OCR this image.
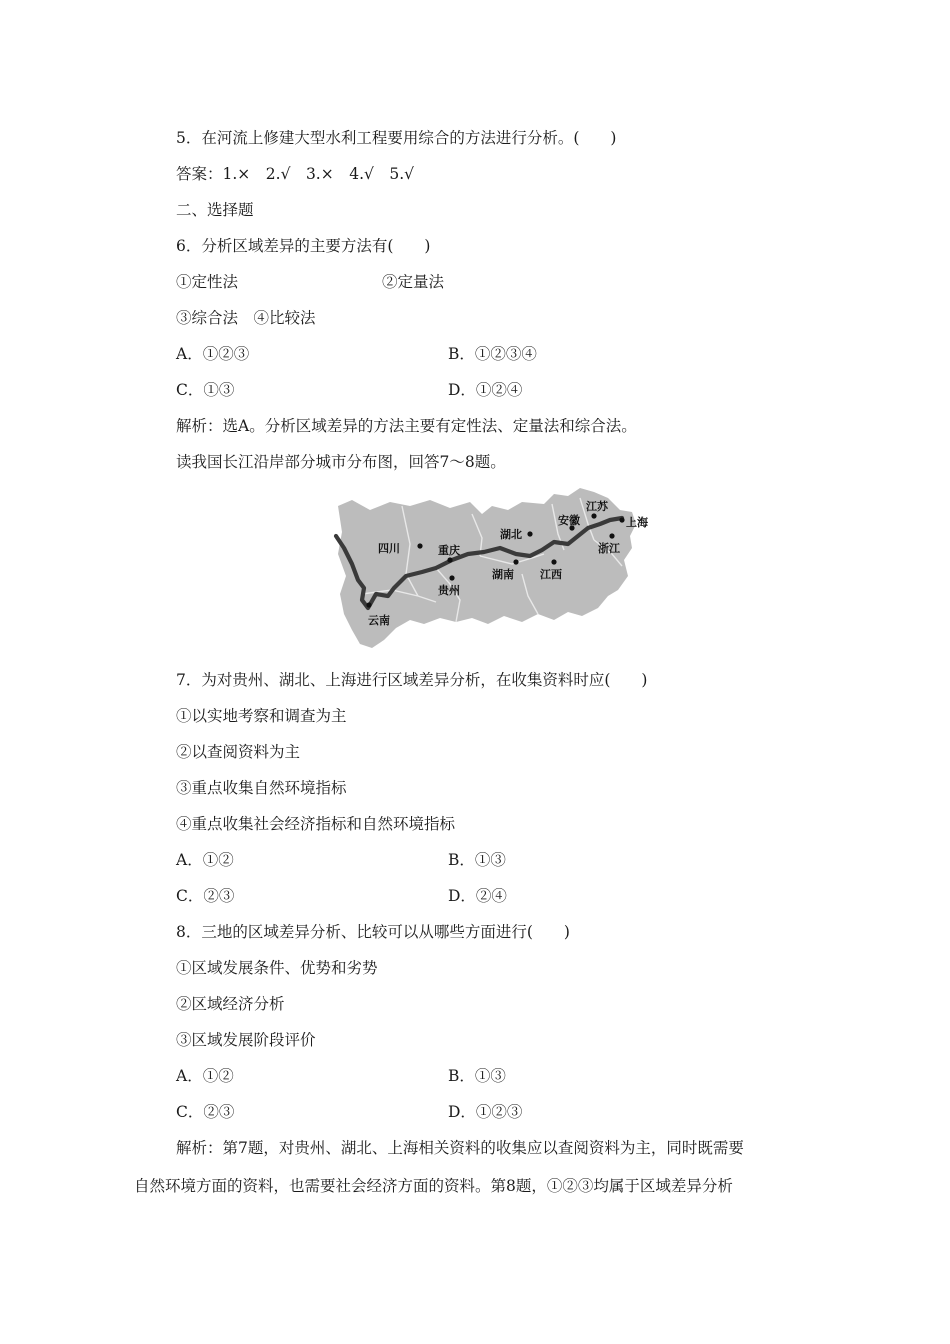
5．在河流上修建大型水利工程要用综合的方法进行分析。(　　)
答案：1.×　2.√　3.×　4.√　5.√
二、选择题
6．分析区域差异的主要方法有(　　)
①定性法	②定量法
③综合法　④比较法
A．①②③	B．①②③④
C．①③	D．①②④
解析：选A。分析区域差异的方法主要有定性法、定量法和综合法。
读我国长江沿岸部分城市分布图，回答7～8题。
四川	重庆
贵州
云南
湖北
湖南 江西
安徽
江苏
上海
浙江
7．为对贵州、湖北、上海进行区域差异分析，在收集资料时应(　　)
①以实地考察和调查为主
②以查阅资料为主
③重点收集自然环境指标
④重点收集社会经济指标和自然环境指标
A．①②	B．①③
C．②③	D．②④
8．三地的区域差异分析、比较可以从哪些方面进行(　　)
①区域发展条件、优势和劣势
②区域经济分析
③区域发展阶段评价
A．①②	B．①③
C．②③	D．①②③
解析：第7题，对贵州、湖北、上海相关资料的收集应以查阅资料为主，同时既需要
自然环境方面的资料，也需要社会经济方面的资料。第8题，①②③均属于区域差异分析
